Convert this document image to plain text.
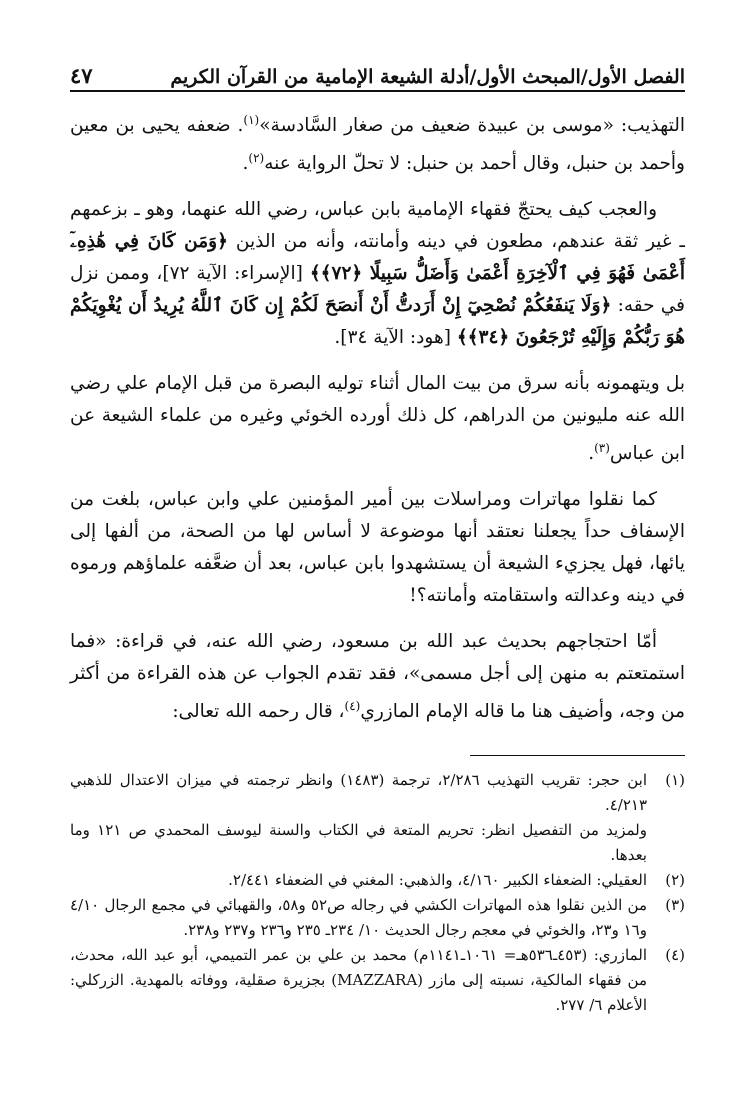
الفصل الأول/المبحث الأول/أدلة الشيعة الإمامية من القرآن الكريم
٤٧

التهذيب: «موسى بن عبيدة ضعيف من صغار السَّادسة»$^{(١)}$. ضعفه يحيى بن معين وأحمد بن حنبل، وقال أحمد بن حنبل: لا تحلّ الرواية عنه$^{(٢)}$.

والعجب كيف يحتجّ فقهاء الإمامية بابن عباس، رضي الله عنهما، وهو ـ بزعمهم ـ غير ثقة عندهم، مطعون في دينه وأمانته، وأنه من الذين ﴿وَمَن كَانَ فِي هَٰذِهِۦٓ أَعْمَىٰ فَهُوَ فِي ٱلْآخِرَةِ أَعْمَىٰ وَأَضَلُّ سَبِيلًا ﴿٧٢﴾﴾ [الإسراء: الآية ٧٢]، وممن نزل في حقه: ﴿وَلَا يَنفَعُكُمْ نُصْحِيٓ إِنْ أَرَدتُّ أَنْ أَنصَحَ لَكُمْ إِن كَانَ ٱللَّهُ يُرِيدُ أَن يُغْوِيَكُمْ هُوَ رَبُّكُمْ وَإِلَيْهِ تُرْجَعُونَ ﴿٣٤﴾﴾ [هود: الآية ٣٤].

بل ويتهمونه بأنه سرق من بيت المال أثناء توليه البصرة من قبل الإمام علي رضي الله عنه مليونين من الدراهم، كل ذلك أورده الخوئي وغيره من علماء الشيعة عن ابن عباس$^{(٣)}$.

كما نقلوا مهاترات ومراسلات بين أمير المؤمنين علي وابن عباس، بلغت من الإسفاف حداً يجعلنا نعتقد أنها موضوعة لا أساس لها من الصحة، من ألفها إلى يائها، فهل يجزيء الشيعة أن يستشهدوا بابن عباس، بعد أن ضعَّفه علماؤهم ورموه في دينه وعدالته واستقامته وأمانته؟!

أمّا احتجاجهم بحديث عبد الله بن مسعود، رضي الله عنه، في قراءة: «فما استمتعتم به منهن إلى أجل مسمى»، فقد تقدم الجواب عن هذه القراءة من أكثر من وجه، وأضيف هنا ما قاله الإمام المازري$^{(٤)}$، قال رحمه الله تعالى:

(١)
ابن حجر: تقريب التهذيب ٢/٢٨٦، ترجمة (١٤٨٣) وانظر ترجمته في ميزان الاعتدال للذهبي ٤/٢١٣.
ولمزيد من التفصيل انظر: تحريم المتعة في الكتاب والسنة ليوسف المحمدي ص ١٢١ وما بعدها.
(٢)
العقيلي: الضعفاء الكبير ٤/١٦٠، والذهبي: المغني في الضعفاء ٢/٤٤١.
(٣)
من الذين نقلوا هذه المهاترات الكشي في رجاله ص٥٢ و٥٨، والقهبائي في مجمع الرجال ٤/١٠ و١٦ و٢٣، والخوئي في معجم رجال الحديث ١٠/ ٢٣٤ـ ٢٣٥ و٢٣٦ و٢٣٧ و٢٣٨.
(٤)
المازري: (٤٥٣ـ٥٣٦هـ= ١٠٦١ـ١١٤١م) محمد بن علي بن عمر التميمي، أبو عبد الله، محدث، من فقهاء المالكية، نسبته إلى مازر (MAZZARA) بجزيرة صقلية، ووفاته بالمهدية. الزركلي: الأعلام ٦/ ٢٧٧.
